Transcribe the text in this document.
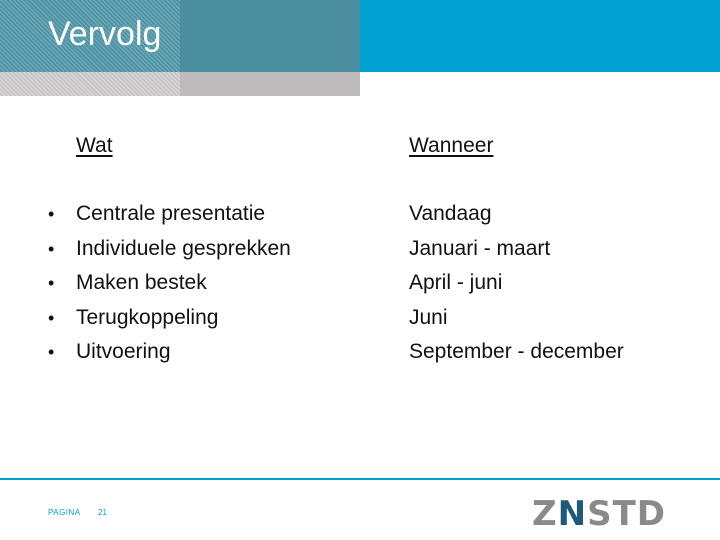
Vervolg
Wat	Wanneer
• Centrale presentatie
• Individuele gesprekken
• Maken bestek
• Terugkoppeling
• Uitvoering
Vandaag
Januari - maart
April - juni
Juni
September - december
PAGINA 21	ZNSTD
